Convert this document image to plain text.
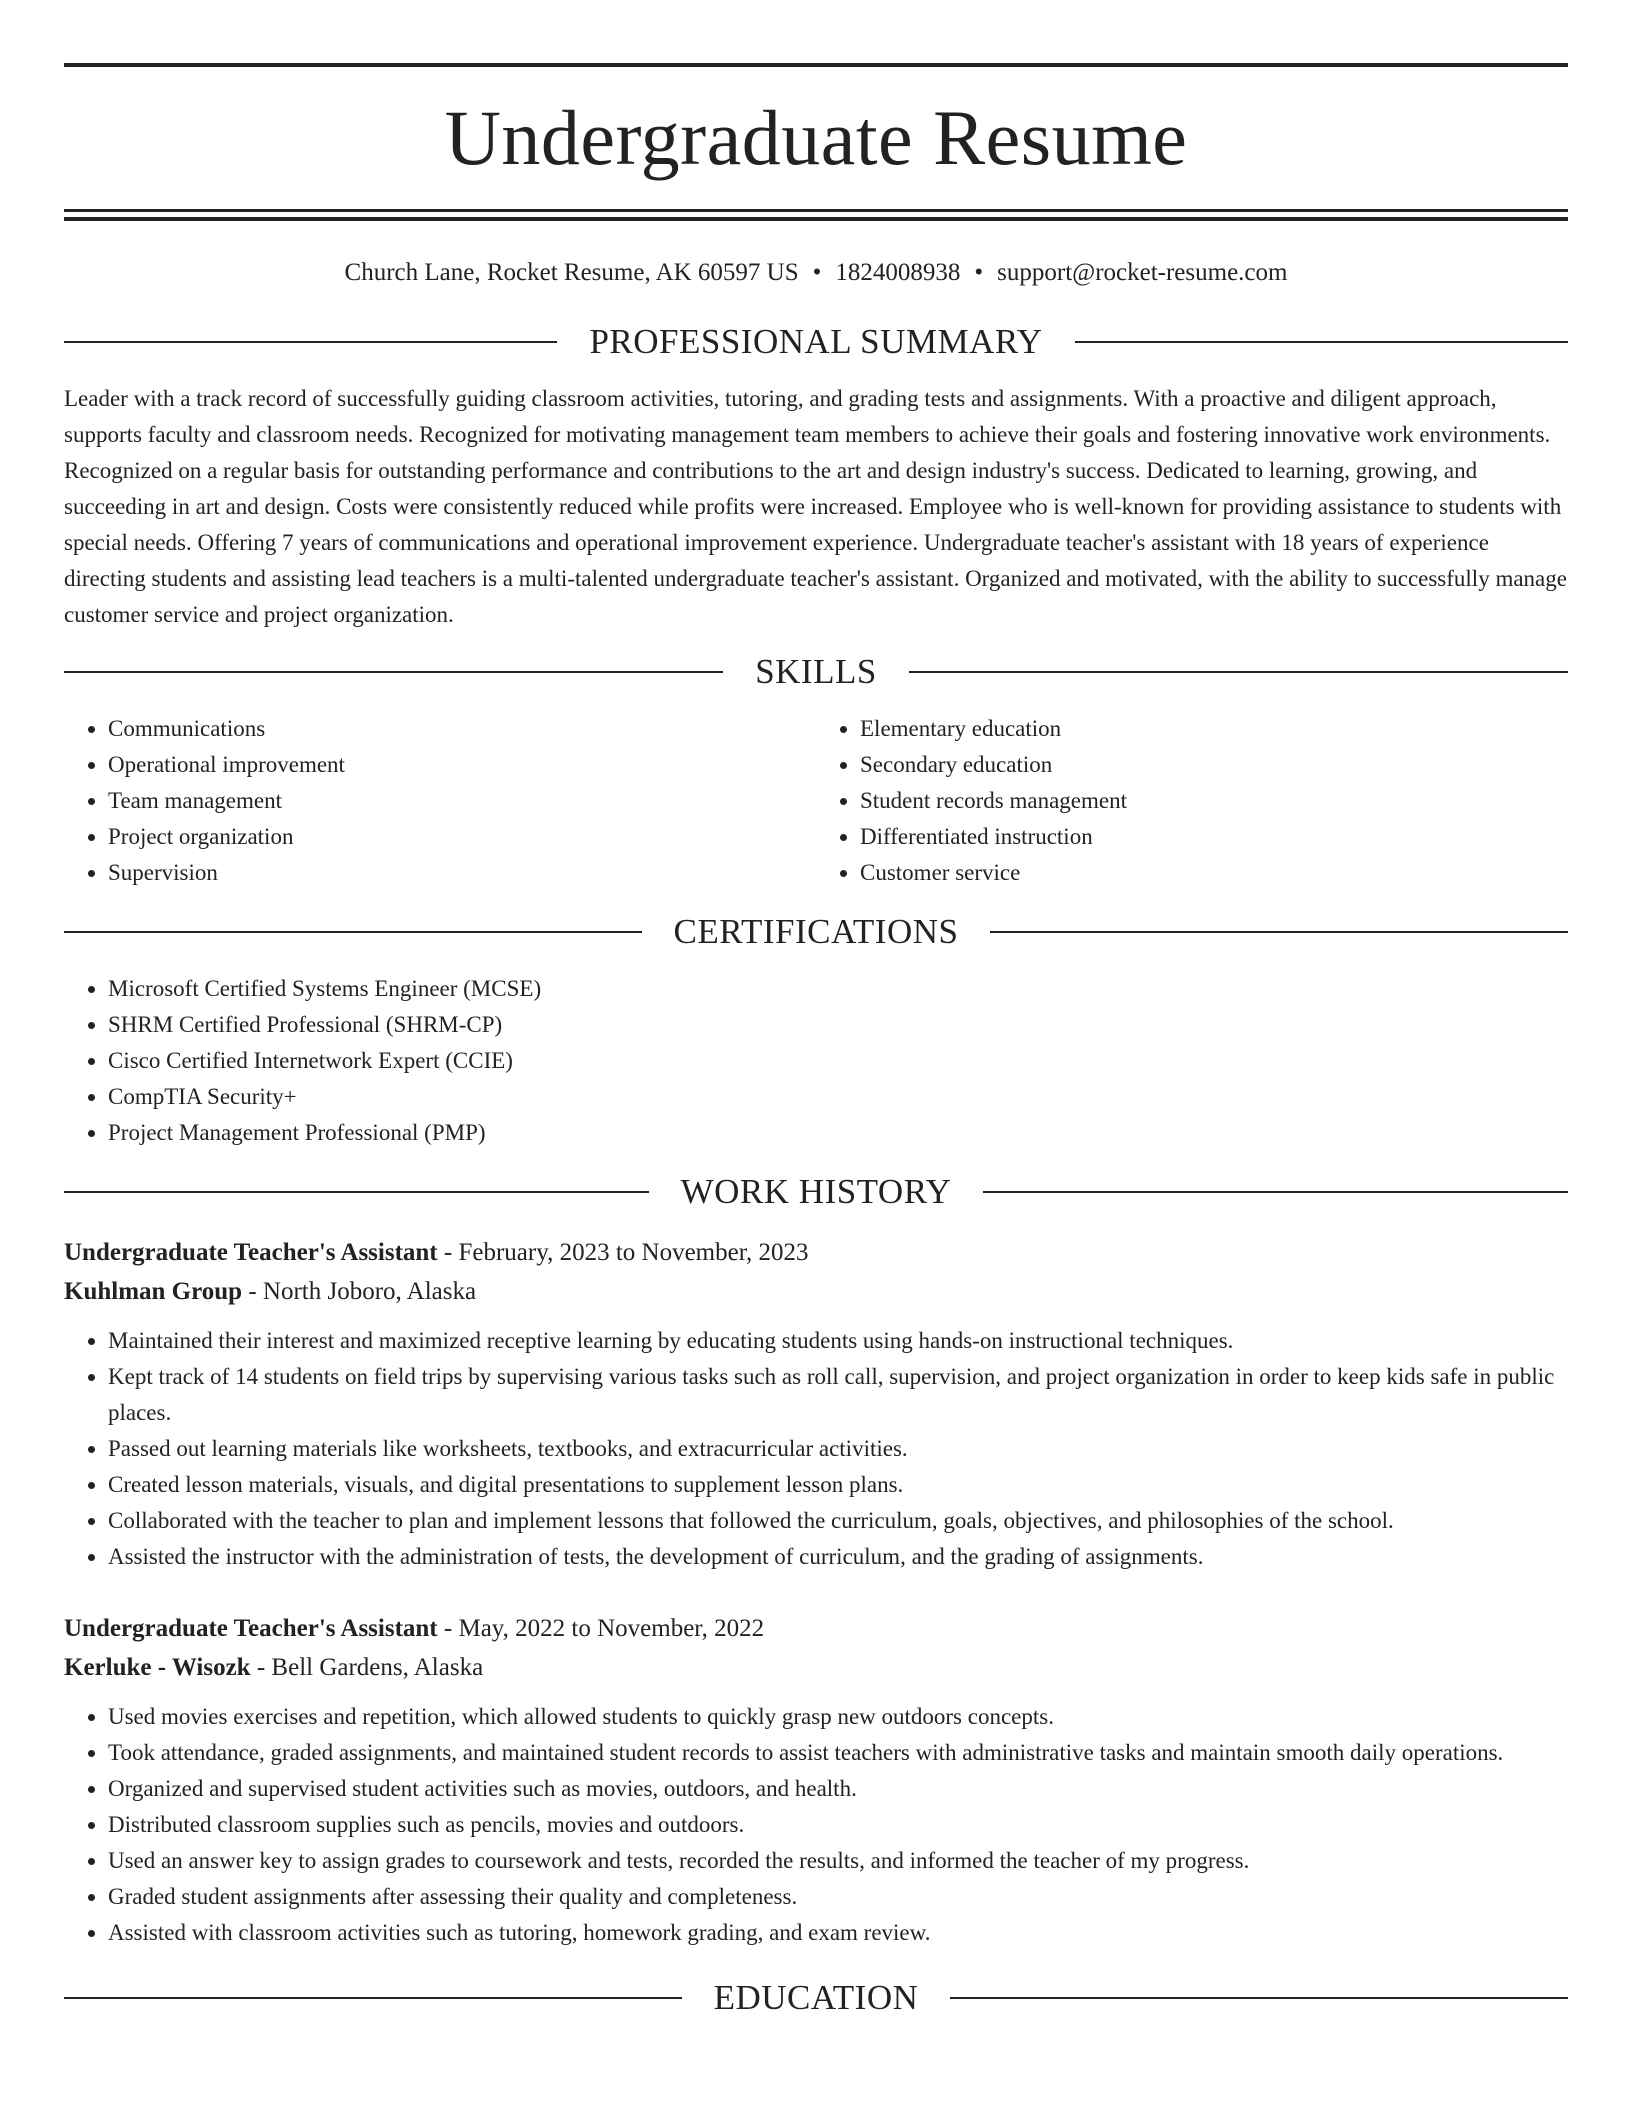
Undergraduate Resume
Church Lane, Rocket Resume, AK 60597 US • 1824008938 • support@rocket-resume.com
PROFESSIONAL SUMMARY

Leader with a track record of successfully guiding classroom activities, tutoring, and grading tests and assignments. With a proactive and diligent approach, supports faculty and classroom needs. Recognized for motivating management team members to achieve their goals and fostering innovative work environments. Recognized on a regular basis for outstanding performance and contributions to the art and design industry's success. Dedicated to learning, growing, and succeeding in art and design. Costs were consistently reduced while profits were increased. Employee who is well-known for providing assistance to students with special needs. Offering 7 years of communications and operational improvement experience. Undergraduate teacher's assistant with 18 years of experience directing students and assisting lead teachers is a multi-talented undergraduate teacher's assistant. Organized and motivated, with the ability to successfully manage customer service and project organization.

SKILLS
• Communications
• Operational improvement
• Team management
• Project organization
• Supervision
• Elementary education
• Secondary education
• Student records management
• Differentiated instruction
• Customer service
CERTIFICATIONS
• Microsoft Certified Systems Engineer (MCSE)
• SHRM Certified Professional (SHRM-CP)
• Cisco Certified Internetwork Expert (CCIE)
• CompTIA Security+
• Project Management Professional (PMP)
WORK HISTORY
Undergraduate Teacher's Assistant - February, 2023 to November, 2023
Kuhlman Group - North Joboro, Alaska
• Maintained their interest and maximized receptive learning by educating students using hands-on instructional techniques.
• Kept track of 14 students on field trips by supervising various tasks such as roll call, supervision, and project organization in order to keep kids safe in public places.
• Passed out learning materials like worksheets, textbooks, and extracurricular activities.
• Created lesson materials, visuals, and digital presentations to supplement lesson plans.
• Collaborated with the teacher to plan and implement lessons that followed the curriculum, goals, objectives, and philosophies of the school.
• Assisted the instructor with the administration of tests, the development of curriculum, and the grading of assignments.
Undergraduate Teacher's Assistant - May, 2022 to November, 2022
Kerluke - Wisozk - Bell Gardens, Alaska
• Used movies exercises and repetition, which allowed students to quickly grasp new outdoors concepts.
• Took attendance, graded assignments, and maintained student records to assist teachers with administrative tasks and maintain smooth daily operations.
• Organized and supervised student activities such as movies, outdoors, and health.
• Distributed classroom supplies such as pencils, movies and outdoors.
• Used an answer key to assign grades to coursework and tests, recorded the results, and informed the teacher of my progress.
• Graded student assignments after assessing their quality and completeness.
• Assisted with classroom activities such as tutoring, homework grading, and exam review.
EDUCATION
